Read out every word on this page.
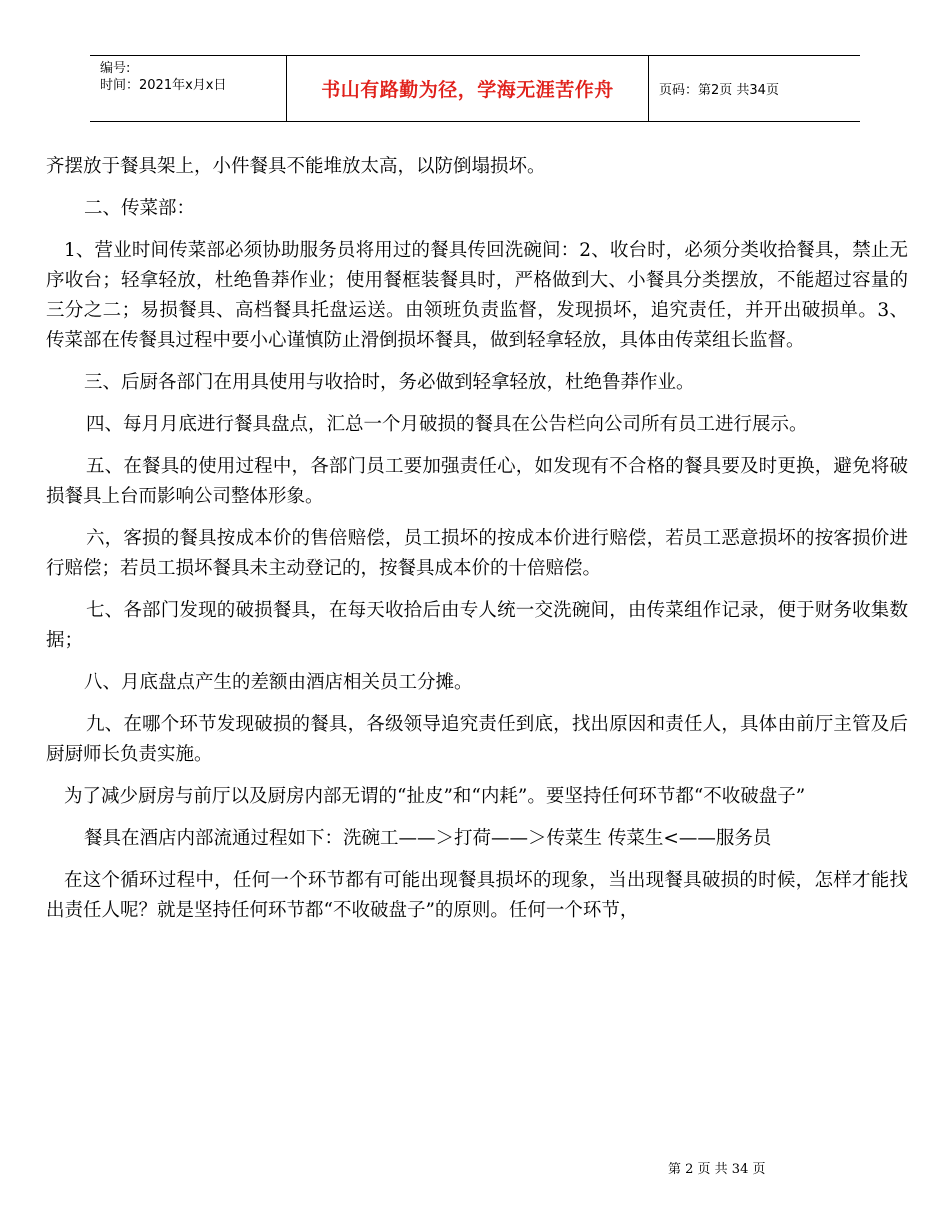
编号:
时间：2021年x月x日	书山有路勤为径，学海无涯苦作舟	页码：第2页 共34页

齐摆放于餐具架上，小件餐具不能堆放太高，以防倒塌损坏。

二、传菜部：

1、营业时间传菜部必须协助服务员将用过的餐具传回洗碗间：2、收台时，必须分类收拾餐具，禁止无序收台；轻拿轻放，杜绝鲁莽作业；使用餐框装餐具时，严格做到大、小餐具分类摆放，不能超过容量的三分之二；易损餐具、高档餐具托盘运送。由领班负责监督，发现损坏，追究责任，并开出破损单。3、传菜部在传餐具过程中要小心谨慎防止滑倒损坏餐具，做到轻拿轻放，具体由传菜组长监督。

三、后厨各部门在用具使用与收拾时，务必做到轻拿轻放，杜绝鲁莽作业。

四、每月月底进行餐具盘点，汇总一个月破损的餐具在公告栏向公司所有员工进行展示。

五、在餐具的使用过程中，各部门员工要加强责任心，如发现有不合格的餐具要及时更换，避免将破损餐具上台而影响公司整体形象。

六，客损的餐具按成本价的售倍赔偿，员工损坏的按成本价进行赔偿，若员工恶意损坏的按客损价进行赔偿；若员工损坏餐具未主动登记的，按餐具成本价的十倍赔偿。

七、各部门发现的破损餐具，在每天收拾后由专人统一交洗碗间，由传菜组作记录，便于财务收集数据；

八、月底盘点产生的差额由酒店相关员工分摊。

九、在哪个环节发现破损的餐具，各级领导追究责任到底，找出原因和责任人，具体由前厅主管及后厨厨师长负责实施。

为了减少厨房与前厅以及厨房内部无谓的“扯皮”和“内耗”。要坚持任何环节都“不收破盘子”

餐具在酒店内部流通过程如下：洗碗工——＞打荷——＞传菜生 传菜生<——服务员

在这个循环过程中，任何一个环节都有可能出现餐具损坏的现象，当出现餐具破损的时候，怎样才能找出责任人呢？就是坚持任何环节都“不收破盘子”的原则。任何一个环节，

第 2 页 共 34 页
